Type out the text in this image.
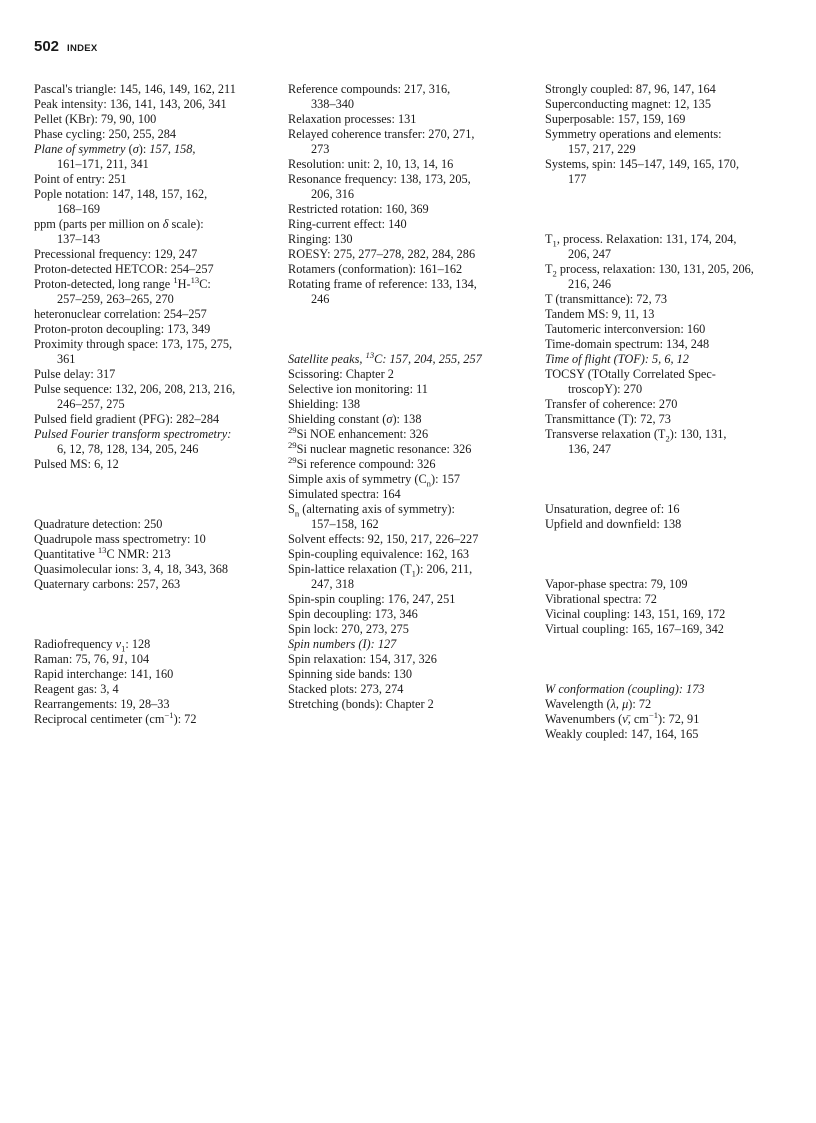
502 INDEX
Pascal's triangle: 145, 146, 149, 162, 211
Peak intensity: 136, 141, 143, 206, 341
Pellet (KBr): 79, 90, 100
Phase cycling: 250, 255, 284
Plane of symmetry (σ): 157, 158,
161–171, 211, 341
Point of entry: 251
Pople notation: 147, 148, 157, 162,
168–169
ppm (parts per million on δ scale):
137–143
Precessional frequency: 129, 247
Proton-detected HETCOR: 254–257
Proton-detected, long range $^1$H-$^{13}$C:
257–259, 263–265, 270
heteronuclear correlation: 254–257
Proton-proton decoupling: 173, 349
Proximity through space: 173, 175, 275,
361
Pulse delay: 317
Pulse sequence: 132, 206, 208, 213, 216,
246–257, 275
Pulsed field gradient (PFG): 282–284
Pulsed Fourier transform spectrometry:
6, 12, 78, 128, 134, 205, 246
Pulsed MS: 6, 12
Quadrature detection: 250
Quadrupole mass spectrometry: 10
Quantitative $^{13}$C NMR: 213
Quasimolecular ions: 3, 4, 18, 343, 368
Quaternary carbons: 257, 263
Radiofrequency $\nu_1$: 128
Raman: 75, 76, 91, 104
Rapid interchange: 141, 160
Reagent gas: 3, 4
Rearrangements: 19, 28–33
Reciprocal centimeter $(cm^{-1})$: 72
Reference compounds: 217, 316,
338–340
Relaxation processes: 131
Relayed coherence transfer: 270, 271,
273
Resolution: unit: 2, 10, 13, 14, 16
Resonance frequency: 138, 173, 205,
206, 316
Restricted rotation: 160, 369
Ring-current effect: 140
Ringing: 130
ROESY: 275, 277–278, 282, 284, 286
Rotamers (conformation): 161–162
Rotating frame of reference: 133, 134,
246
Satellite peaks, $^{13}$C: 157, 204, 255, 257
Scissoring: Chapter 2
Selective ion monitoring: 11
Shielding: 138
Shielding constant (σ): 138
$^{29}$Si NOE enhancement: 326
$^{29}$Si nuclear magnetic resonance: 326
$^{29}$Si reference compound: 326
Simple axis of symmetry $(C_n)$: 157
Simulated spectra: 164
$S_n$ (alternating axis of symmetry):
157–158, 162
Solvent effects: 92, 150, 217, 226–227
Spin-coupling equivalence: 162, 163
Spin-lattice relaxation $(T_1)$: 206, 211,
247, 318
Spin-spin coupling: 176, 247, 251
Spin decoupling: 173, 346
Spin lock: 270, 273, 275
Spin numbers (I): 127
Spin relaxation: 154, 317, 326
Spinning side bands: 130
Stacked plots: 273, 274
Stretching (bonds): Chapter 2
Strongly coupled: 87, 96, 147, 164
Superconducting magnet: 12, 135
Superposable: 157, 159, 169
Symmetry operations and elements:
157, 217, 229
Systems, spin: 145–147, 149, 165, 170,
177
$T_1$, process. Relaxation: 131, 174, 204,
206, 247
$T_2$ process, relaxation: 130, 131, 205, 206,
216, 246
T (transmittance): 72, 73
Tandem MS: 9, 11, 13
Tautomeric interconversion: 160
Time-domain spectrum: 134, 248
Time of flight (TOF): 5, 6, 12
TOCSY (TOtally Correlated Spec-
troscopY): 270
Transfer of coherence: 270
Transmittance (T): 72, 73
Transverse relaxation $(T_2)$: 130, 131,
136, 247
Unsaturation, degree of: 16
Upfield and downfield: 138
Vapor-phase spectra: 79, 109
Vibrational spectra: 72
Vicinal coupling: 143, 151, 169, 172
Virtual coupling: 165, 167–169, 342
W conformation (coupling): 173
Wavelength (λ, μ): 72
Wavenumbers (ν̄, $cm^{-1}$): 72, 91
Weakly coupled: 147, 164, 165
